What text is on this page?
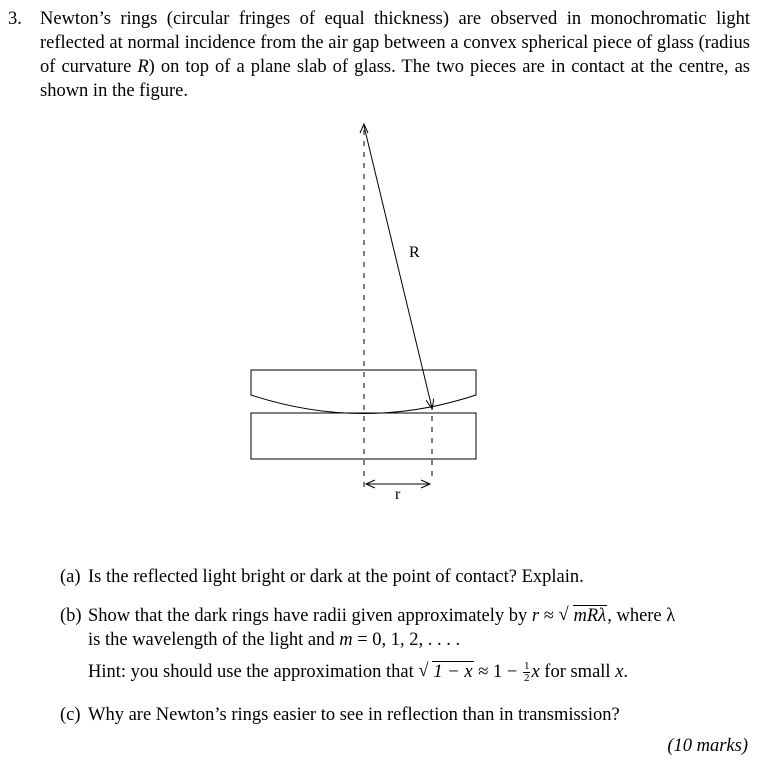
3. Newton’s rings (circular fringes of equal thickness) are observed in monochromatic light reflected at normal incidence from the air gap between a convex spherical piece of glass (radius of curvature R) on top of a plane slab of glass. The two pieces are in contact at the centre, as shown in the figure.
R
r
(a) Is the reflected light bright or dark at the point of contact? Explain.
(b) Show that the dark rings have radii given approximately by r ≈ √ mRλ, where λ
is the wavelength of the light and m = 0, 1, 2, . . . .
Hint: you should use the approximation that √ $1 - x \approx 1 - \frac{1}{2}$ x for small x.
(c) Why are Newton’s rings easier to see in reflection than in transmission?
(10 marks)
